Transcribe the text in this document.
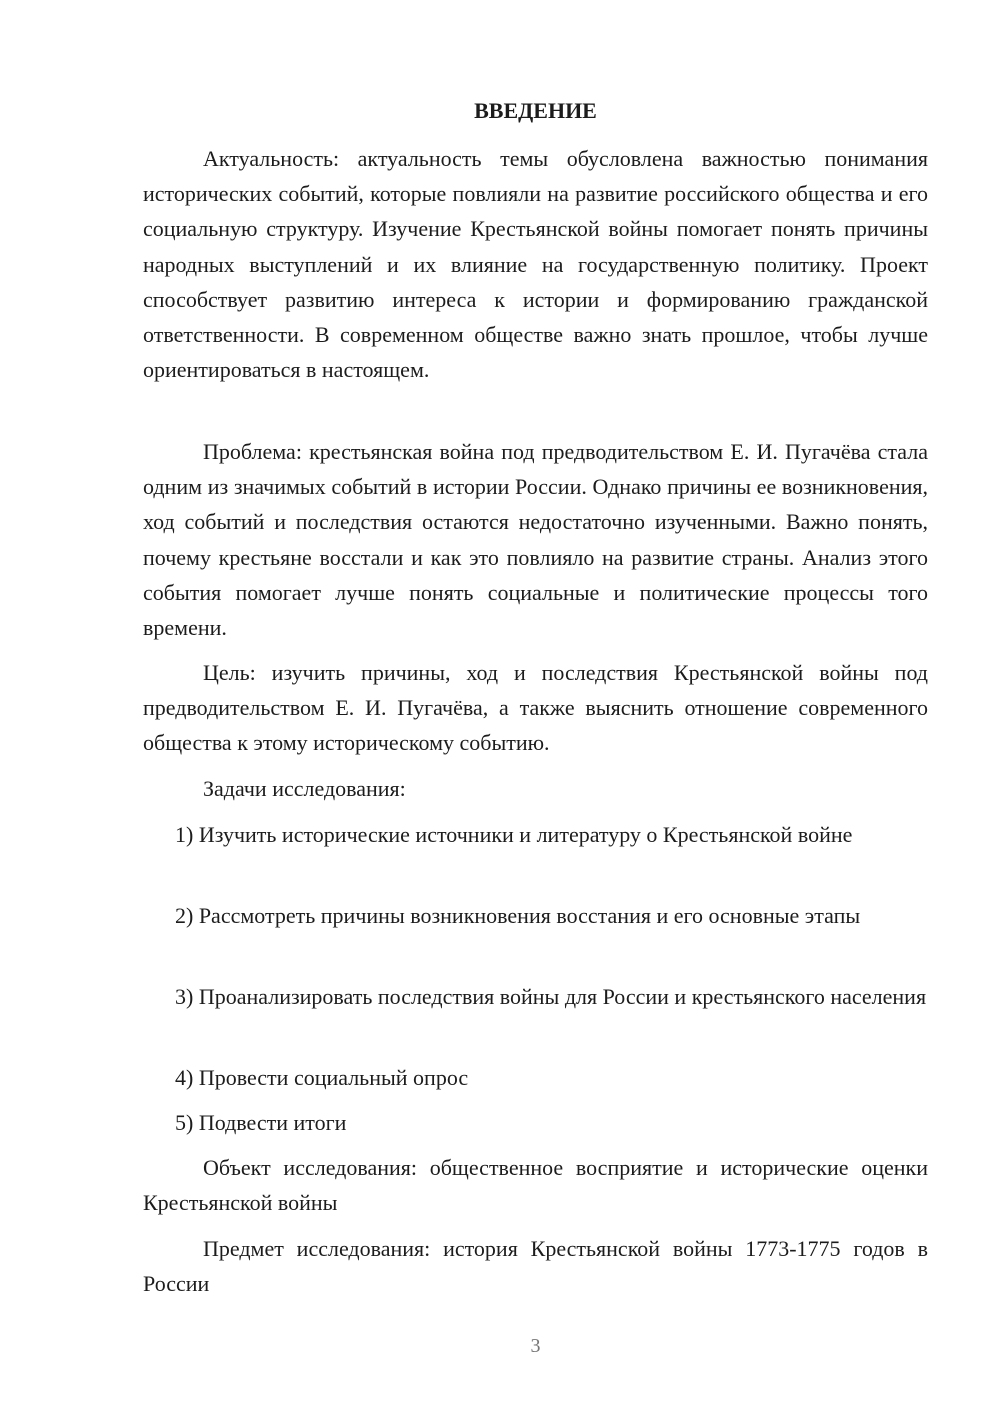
ВВЕДЕНИЕ

Актуальность: актуальность темы обусловлена важностью понимания исторических событий, которые повлияли на развитие российского общества и его социальную структуру. Изучение Крестьянской войны помогает понять причины народных выступлений и их влияние на государственную политику. Проект способствует развитию интереса к истории и формированию гражданской ответственности. В современном обществе важно знать прошлое, чтобы лучше ориентироваться в настоящем.

Проблема: крестьянская война под предводительством Е. И. Пугачёва стала одним из значимых событий в истории России. Однако причины ее возникновения, ход событий и последствия остаются недостаточно изученными. Важно понять, почему крестьяне восстали и как это повлияло на развитие страны. Анализ этого события помогает лучше понять социальные и политические процессы того времени.

Цель: изучить причины, ход и последствия Крестьянской войны под предводительством Е. И. Пугачёва, а также выяснить отношение современного общества к этому историческому событию.

Задачи исследования:

1) Изучить исторические источники и литературу о Крестьянской войне

2) Рассмотреть причины возникновения восстания и его основные этапы

3) Проанализировать последствия войны для России и крестьянского населения

4) Провести социальный опрос

5) Подвести итоги

Объект исследования: общественное восприятие и исторические оценки Крестьянской войны

Предмет исследования: история Крестьянской войны 1773-1775 годов в России

3
